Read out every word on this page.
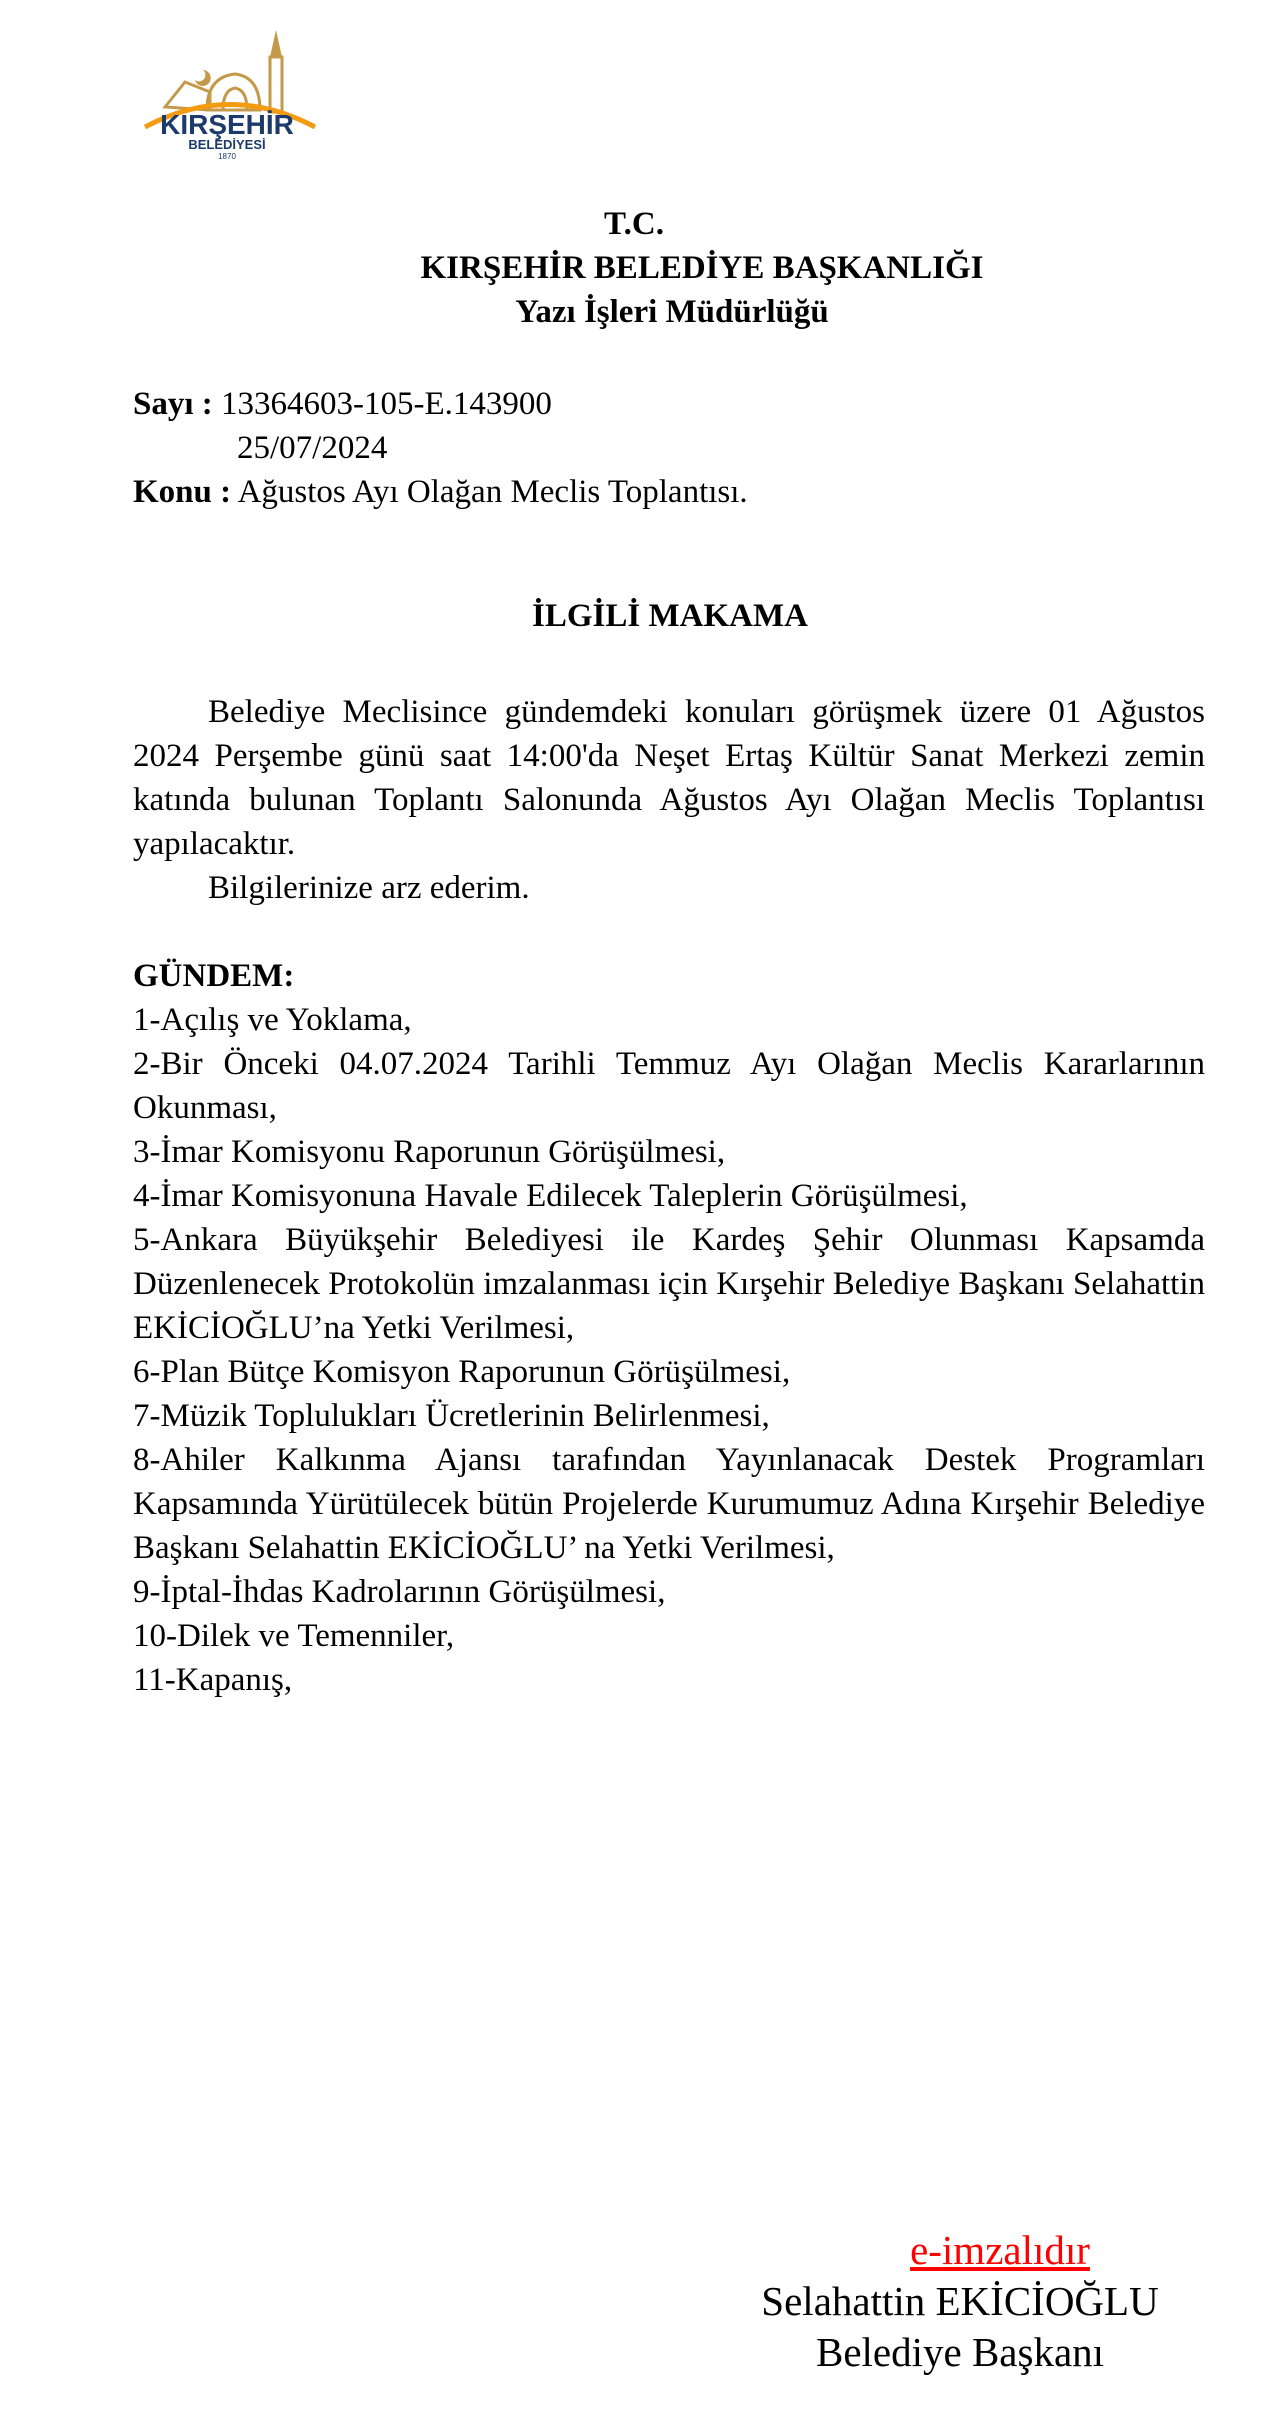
KIRŞEHİR
BELEDİYESİ
1870
T.C.
KIRŞEHİR BELEDİYE BAŞKANLIĞI
Yazı İşleri Müdürlüğü
Sayı : 13364603-105-E.143900
25/07/2024
Konu : Ağustos Ayı Olağan Meclis Toplantısı.
İLGİLİ MAKAMA

Belediye Meclisince gündemdeki konuları görüşmek üzere 01 Ağustos 2024 Perşembe günü saat 14:00'da Neşet Ertaş Kültür Sanat Merkezi zemin katında bulunan Toplantı Salonunda Ağustos Ayı Olağan Meclis Toplantısı yapılacaktır.

Bilgilerinize arz ederim.

GÜNDEM:

1-Açılış ve Yoklama,

2-Bir Önceki 04.07.2024 Tarihli Temmuz Ayı Olağan Meclis Kararlarının Okunması,

3-İmar Komisyonu Raporunun Görüşülmesi,

4-İmar Komisyonuna Havale Edilecek Taleplerin Görüşülmesi,

5-Ankara Büyükşehir Belediyesi ile Kardeş Şehir Olunması Kapsamda Düzenlenecek Protokolün imzalanması için Kırşehir Belediye Başkanı Selahattin EKİCİOĞLU’na Yetki Verilmesi,

6-Plan Bütçe Komisyon Raporunun Görüşülmesi,

7-Müzik Toplulukları Ücretlerinin Belirlenmesi,

8-Ahiler Kalkınma Ajansı tarafından Yayınlanacak Destek Programları Kapsamında Yürütülecek bütün Projelerde Kurumumuz Adına Kırşehir Belediye Başkanı Selahattin EKİCİOĞLU’ na Yetki Verilmesi,

9-İptal-İhdas Kadrolarının Görüşülmesi,

10-Dilek ve Temenniler,

11-Kapanış,

e-imzalıdır
Selahattin EKİCİOĞLU
Belediye Başkanı
